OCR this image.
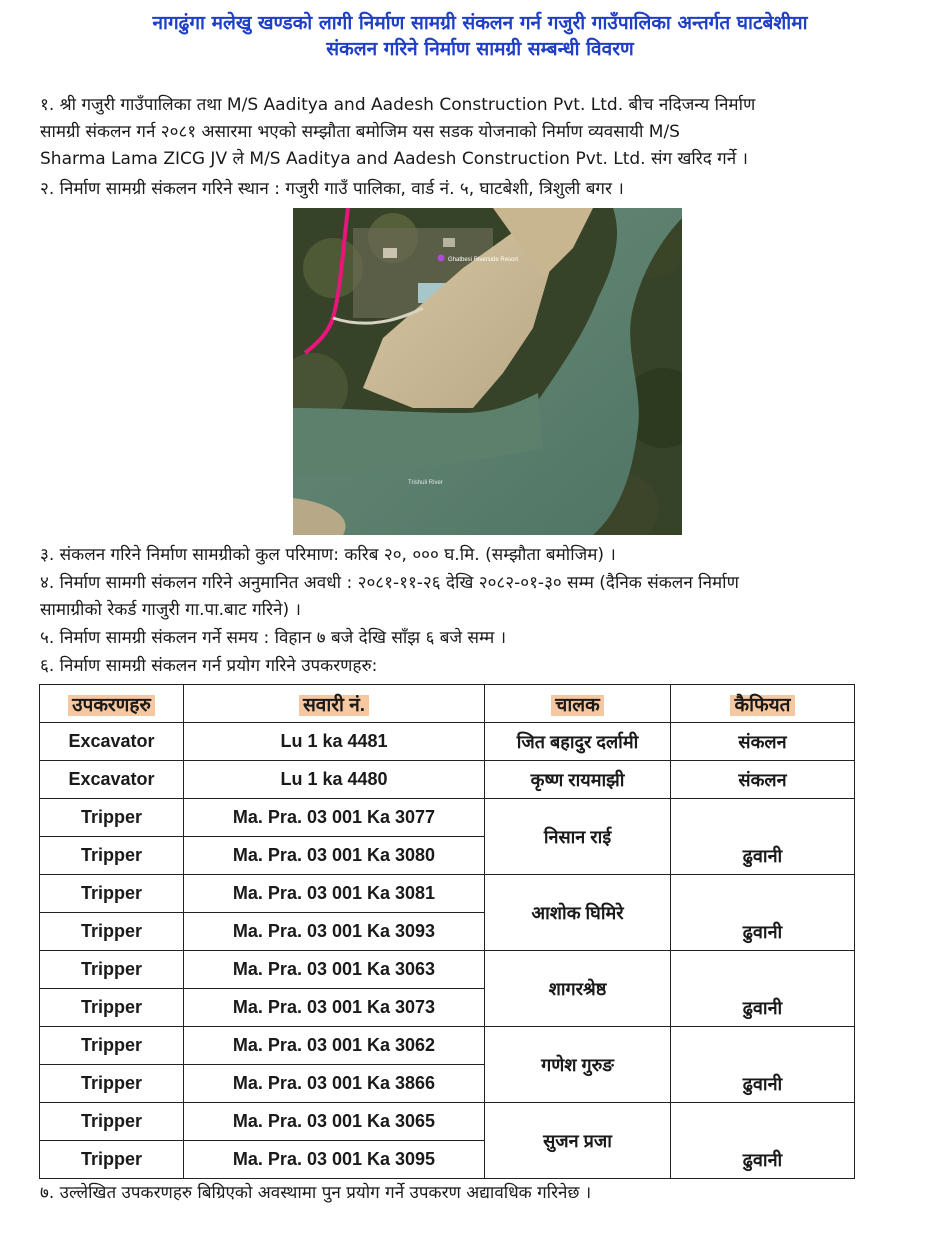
नागढुंगा मलेखु खण्डको लागी निर्माण सामग्री संकलन गर्न गजुरी गाउँपालिका अन्तर्गत घाटबेशीमा
संकलन गरिने निर्माण सामग्री सम्बन्धी विवरण
१. श्री गजुरी गाउँपालिका तथा M/S Aaditya and Aadesh Construction Pvt. Ltd. बीच नदिजन्य निर्माण
सामग्री संकलन गर्न २०८१ असारमा भएको सम्झौता बमोजिम यस सडक योजनाको निर्माण व्यवसायी M/S
Sharma Lama ZICG JV ले M/S Aaditya and Aadesh Construction Pvt. Ltd. संग खरिद गर्ने ।
२. निर्माण सामग्री संकलन गरिने स्थान : गजुरी गाउँ पालिका, वार्ड नं. ५, घाटबेशी, त्रिशुली बगर ।
Ghatbesi Riverside Resort
Trishuli River
३. संकलन गरिने निर्माण सामग्रीको कुल परिमाण: करिब २०, ००० घ.मि. (सम्झौता बमोजिम) ।
४. निर्माण सामगी संकलन गरिने अनुमानित अवधी : २०८१-११-२६ देखि २०८२-०१-३० सम्म (दैनिक संकलन निर्माण
सामाग्रीको रेकर्ड गाजुरी गा.पा.बाट गरिने) ।
५. निर्माण सामग्री संकलन गर्ने समय : विहान ७ बजे देखि साँझ ६ बजे सम्म ।
६. निर्माण सामग्री संकलन गर्न प्रयोग गरिने उपकरणहरु:
उपकरणहरु	सवारी नं.	चालक	कैफियत
Excavator	Lu 1 ka 4481	जित बहादुर दर्लामी	संकलन
Excavator	Lu 1 ka 4480	कृष्ण रायमाझी	संकलन
Tripper	Ma. Pra. 03 001 Ka 3077	निसान राई	ढुवानी
Tripper	Ma. Pra. 03 001 Ka 3080		
Tripper	Ma. Pra. 03 001 Ka 3081	आशोक घिमिरे	ढुवानी
Tripper	Ma. Pra. 03 001 Ka 3093		
Tripper	Ma. Pra. 03 001 Ka 3063	शागरश्रेष्ठ	ढुवानी
Tripper	Ma. Pra. 03 001 Ka 3073		
Tripper	Ma. Pra. 03 001 Ka 3062	गणेश गुरुङ	ढुवानी
Tripper	Ma. Pra. 03 001 Ka 3866		
Tripper	Ma. Pra. 03 001 Ka 3065	सुजन प्रजा	ढुवानी
Tripper	Ma. Pra. 03 001 Ka 3095		
७. उल्लेखित उपकरणहरु बिग्रिएको अवस्थामा पुन प्रयोग गर्ने उपकरण अद्यावधिक गरिनेछ ।
